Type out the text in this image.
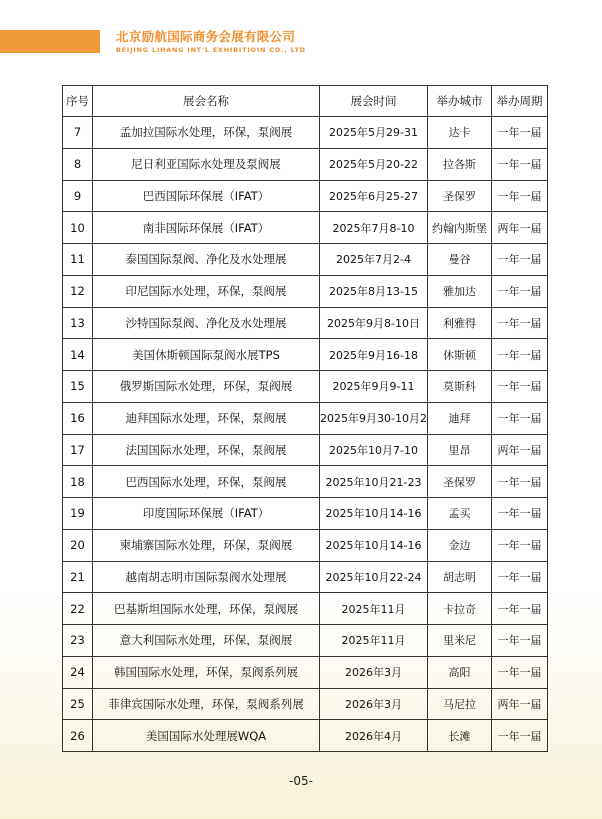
北京励航国际商务会展有限公司
BEIJING LIHANG INT'L EXHIBITIOIN CO., LTD
序号	展会名称	展会时间	举办城市	举办周期
7	孟加拉国际水处理，环保，泵阀展	2025年5月29-31	达卡	一年一届
8	尼日利亚国际水处理及泵阀展	2025年5月20-22	拉各斯	一年一届
9	巴西国际环保展（IFAT）	2025年6月25-27	圣保罗	一年一届
10	南非国际环保展（IFAT）	2025年7月8-10	约翰内斯堡	两年一届
11	泰国国际泵阀、净化及水处理展	2025年7月2-4	曼谷	一年一届
12	印尼国际水处理，环保，泵阀展	2025年8月13-15	雅加达	一年一届
13	沙特国际泵阀、净化及水处理展	2025年9月8-10日	利雅得	一年一届
14	美国休斯顿国际泵阀水展TPS	2025年9月16-18	休斯顿	一年一届
15	俄罗斯国际水处理，环保，泵阀展	2025年9月9-11	莫斯科	一年一届
16	迪拜国际水处理，环保，泵阀展	2025年9月30-10月2	迪拜	一年一届
17	法国国际水处理，环保，泵阀展	2025年10月7-10	里昂	两年一届
18	巴西国际水处理，环保，泵阀展	2025年10月21-23	圣保罗	一年一届
19	印度国际环保展（IFAT）	2025年10月14-16	孟买	一年一届
20	柬埔寨国际水处理，环保，泵阀展	2025年10月14-16	金边	一年一届
21	越南胡志明市国际泵阀水处理展	2025年10月22-24	胡志明	一年一届
22	巴基斯坦国际水处理，环保，泵阀展	2025年11月	卡拉奇	一年一届
23	意大利国际水处理，环保，泵阀展	2025年11月	里米尼	一年一届
24	韩国国际水处理，环保，泵阀系列展	2026年3月	高阳	一年一届
25	菲律宾国际水处理，环保，泵阀系列展	2026年3月	马尼拉	两年一届
26	美国国际水处理展WQA	2026年4月	长滩	一年一届
-05-
